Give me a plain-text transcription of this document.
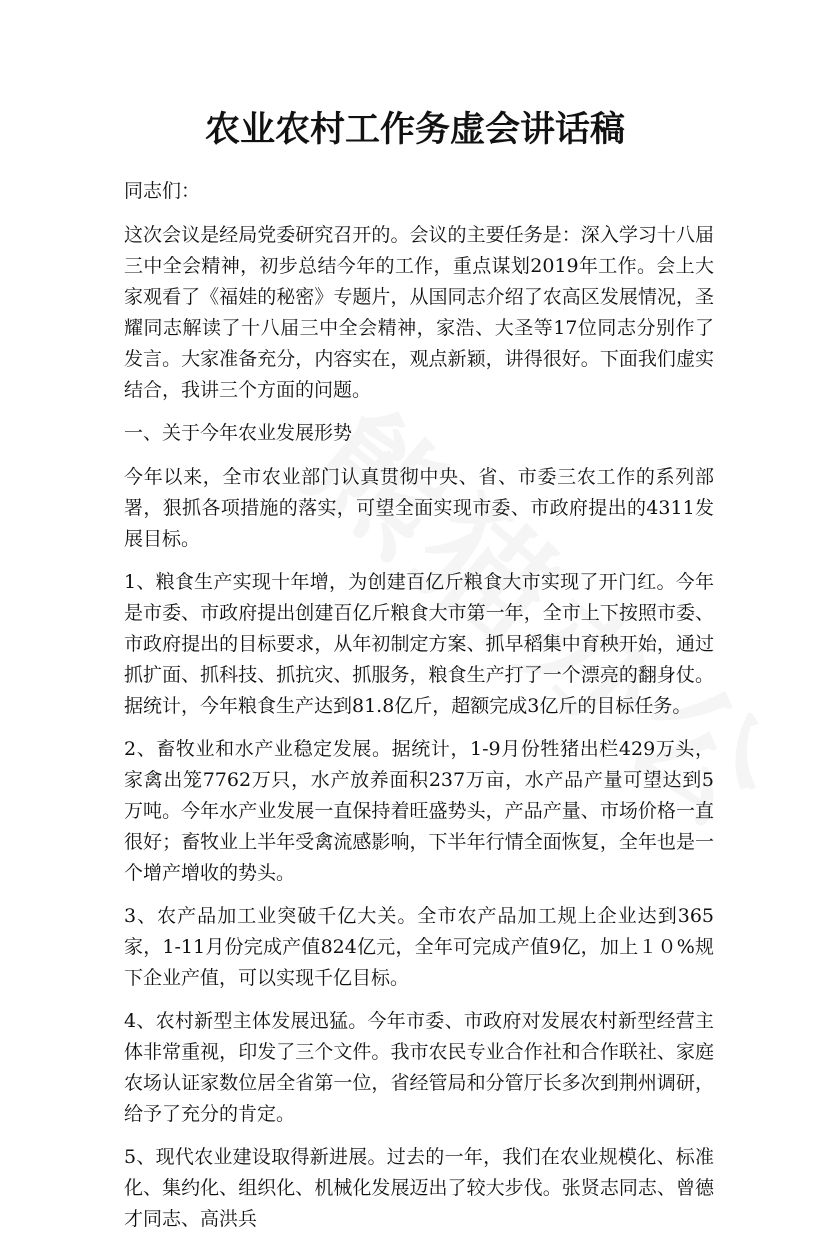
农业农村工作务虚会讲话稿

同志们：

这次会议是经局党委研究召开的。会议的主要任务是：深入学习十八届三中全会精神，初步总结今年的工作，重点谋划2019年工作。会上大家观看了《福娃的秘密》专题片，从国同志介绍了农高区发展情况，圣耀同志解读了十八届三中全会精神，家浩、大圣等17位同志分别作了发言。大家准备充分，内容实在，观点新颖，讲得很好。下面我们虚实结合，我讲三个方面的问题。

一、关于今年农业发展形势

今年以来，全市农业部门认真贯彻中央、省、市委三农工作的系列部署，狠抓各项措施的落实，可望全面实现市委、市政府提出的4311发展目标。

1、粮食生产实现十年增，为创建百亿斤粮食大市实现了开门红。今年是市委、市政府提出创建百亿斤粮食大市第一年，全市上下按照市委、市政府提出的目标要求，从年初制定方案、抓早稻集中育秧开始，通过抓扩面、抓科技、抓抗灾、抓服务，粮食生产打了一个漂亮的翻身仗。据统计，今年粮食生产达到81.8亿斤，超额完成3亿斤的目标任务。

2、畜牧业和水产业稳定发展。据统计，1-9月份牲猪出栏429万头，家禽出笼7762万只，水产放养面积237万亩，水产品产量可望达到5万吨。今年水产业发展一直保持着旺盛势头，产品产量、市场价格一直很好；畜牧业上半年受禽流感影响，下半年行情全面恢复，全年也是一个增产增收的势头。

3、农产品加工业突破千亿大关。全市农产品加工规上企业达到365家，1-11月份完成产值824亿元，全年可完成产值9亿，加上１０%规下企业产值，可以实现千亿目标。

4、农村新型主体发展迅猛。今年市委、市政府对发展农村新型经营主体非常重视，印发了三个文件。我市农民专业合作社和合作联社、家庭农场认证家数位居全省第一位，省经管局和分管厅长多次到荆州调研，给予了充分的肯定。

5、现代农业建设取得新进展。过去的一年，我们在农业规模化、标准化、集约化、组织化、机械化发展迈出了较大步伐。张贤志同志、曾德才同志、高洪兵
